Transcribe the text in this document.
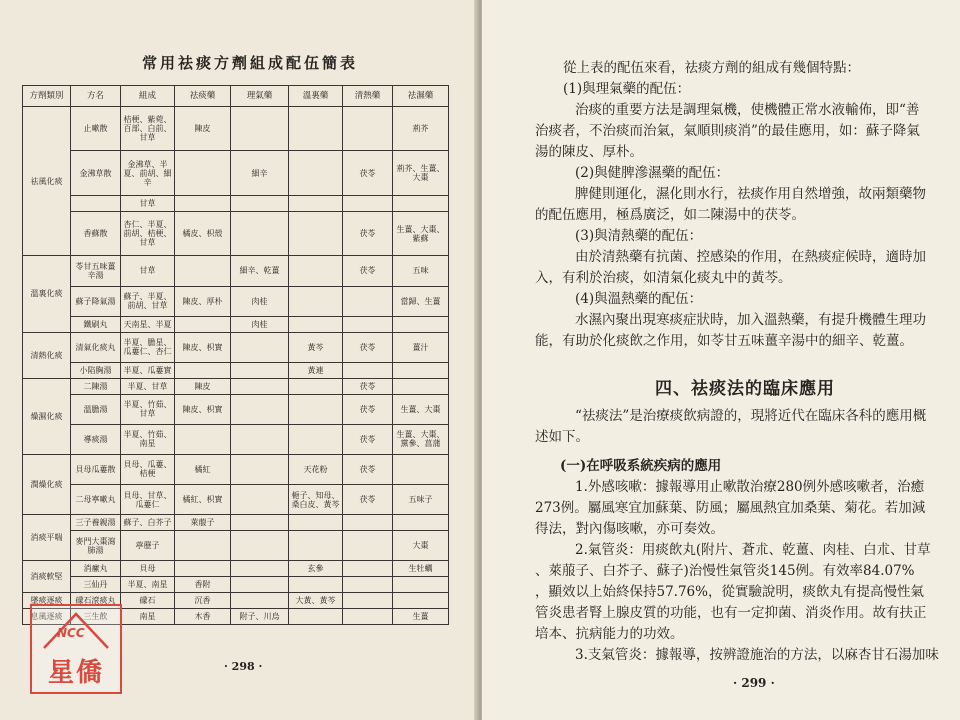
常用祛痰方劑組成配伍簡表
方劑類別	方名	組成	祛痰藥	理氣藥	溫裏藥	清熱藥	祛濕藥
祛風化痰	止嗽散	桔梗、紫菀、百部、白前、甘草	陳皮				荊芥
	金沸草散	金沸草、半夏、前胡、細辛		細辛		茯苓	荊芥、生薑、大棗
		甘草					
	香蘇散	杏仁、半夏、前胡、桔梗、甘草	橘皮、枳殼			茯苓	生薑、大棗、紫蘇
溫裏化痰	苓甘五味薑辛湯	甘草		細辛、乾薑		茯苓	五味
	蘇子降氣湯	蘇子、半夏、前胡、甘草	陳皮、厚朴	肉桂			當歸、生薑
	鐵刷丸	天南星、半夏		肉桂			
清熱化痰	清氣化痰丸	半夏、膽星、瓜蔞仁、杏仁	陳皮、枳實		黃芩	茯苓	薑汁
	小陷胸湯	半夏、瓜蔞實			黃連		
燥濕化痰	二陳湯	半夏、甘草	陳皮			茯苓	
	溫膽湯	半夏、竹茹、甘草	陳皮、枳實			茯苓	生薑、大棗
	導痰湯	半夏、竹茹、南星				茯苓	生薑、大棗、黨參、菖蒲
潤燥化痰	貝母瓜蔞散	貝母、瓜蔞、桔梗	橘紅		天花粉	茯苓	
	二母寧嗽丸	貝母、甘草、瓜蔞仁	橘紅、枳實		梔子、知母、桑白皮、黃芩	茯苓	五味子
消痰平喘	三子養親湯	蘇子、白芥子	萊菔子				
	麥門大棗瀉肺湯	葶藶子					大棗
消痰軟堅	消瘰丸	貝母			玄參		生牡蠣
	三仙丹	半夏、南星	香附				
墜痰逐痰	礞石滾痰丸	礞石	沉香		大黃、黃芩		
息風逐痰	三生飲	南星	木香	附子、川烏			生薑
· 298 ·
NCC
星僑
從上表的配伍來看，祛痰方劑的組成有幾個特點：
(1)與理氣藥的配伍：
治痰的重要方法是調理氣機，使機體正常水液輸佈，即“善
治痰者，不治痰而治氣，氣順則痰消”的最佳應用，如：蘇子降氣
湯的陳皮、厚朴。
(2)與健脾滲濕藥的配伍：
脾健則運化，濕化則水行，祛痰作用自然增強，故兩類藥物
的配伍應用，極爲廣泛，如二陳湯中的茯苓。
(3)與清熱藥的配伍：
由於清熱藥有抗菌、控感染的作用，在熱痰症候時，適時加
入，有利於治痰，如清氣化痰丸中的黃芩。
(4)與溫熱藥的配伍：
水濕內聚出現寒痰症狀時，加入溫熱藥，有提升機體生理功
能，有助於化痰飲之作用，如苓甘五味薑辛湯中的細辛、乾薑。
四、祛痰法的臨床應用
“祛痰法”是治療痰飲病證的，現將近代在臨床各科的應用概
述如下。
(一)在呼吸系統疾病的應用
1.外感咳嗽：據報導用止嗽散治療280例外感咳嗽者，治癒
273例。屬風寒宜加蘇葉、防風；屬風熱宜加桑葉、菊花。若加減
得法，對內傷咳嗽，亦可奏效。
2.氣管炎：用痰飲丸(附片、蒼朮、乾薑、肉桂、白朮、甘草
、萊菔子、白芥子、蘇子)治慢性氣管炎145例。有效率84.07%
，顯效以上始終保持57.76%，從實驗說明，痰飲丸有提高慢性氣
管炎患者腎上腺皮質的功能，也有一定抑菌、消炎作用。故有扶正
培本、抗病能力的功效。
3.支氣管炎：據報導，按辨證施治的方法，以麻杏甘石湯加味
· 299 ·
